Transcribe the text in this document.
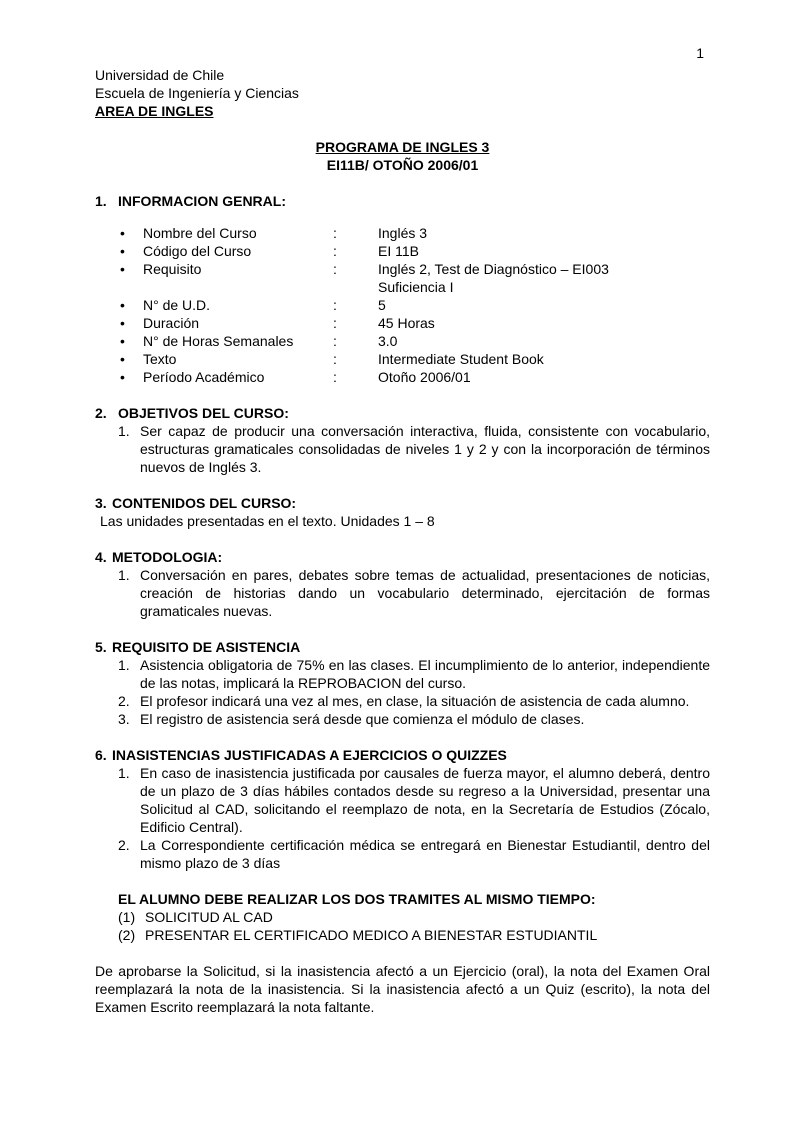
1
Universidad de Chile
Escuela de Ingeniería y Ciencias
AREA DE INGLES
PROGRAMA DE INGLES 3
EI11B/ OTOÑO 2006/01
1. INFORMACION GENRAL:
•
Nombre del Curso	:	Inglés 3
•
Código del Curso	:	EI 11B
•
Requisito	:	Inglés 2, Test de Diagnóstico – EI003
Suficiencia I
•
N° de U.D.	:	5
•
Duración	:	45 Horas
•
N° de Horas Semanales	:	3.0
•
Texto	:	Intermediate Student Book
•
Período Académico	:	Otoño 2006/01
2. OBJETIVOS DEL CURSO:
1. Ser capaz de producir una conversación interactiva, fluida, consistente con vocabulario, estructuras gramaticales consolidadas de niveles 1 y 2 y con la incorporación de términos nuevos de Inglés 3.
3. CONTENIDOS DEL CURSO:
Las unidades presentadas en el texto. Unidades 1 – 8
4. METODOLOGIA:
1. Conversación en pares, debates sobre temas de actualidad, presentaciones de noticias, creación de historias dando un vocabulario determinado, ejercitación de formas gramaticales nuevas.
5. REQUISITO DE ASISTENCIA
1. Asistencia obligatoria de 75% en las clases. El incumplimiento de lo anterior, independiente de las notas, implicará la REPROBACION del curso.
2. El profesor indicará una vez al mes, en clase, la situación de asistencia de cada alumno.
3. El registro de asistencia será desde que comienza el módulo de clases.
6. INASISTENCIAS JUSTIFICADAS A EJERCICIOS O QUIZZES
1. En caso de inasistencia justificada por causales de fuerza mayor, el alumno deberá, dentro de un plazo de 3 días hábiles contados desde su regreso a la Universidad, presentar una Solicitud al CAD, solicitando el reemplazo de nota, en la Secretaría de Estudios (Zócalo, Edificio Central).
2. La Correspondiente certificación médica se entregará en Bienestar Estudiantil, dentro del mismo plazo de 3 días
EL ALUMNO DEBE REALIZAR LOS DOS TRAMITES AL MISMO TIEMPO:
(1) SOLICITUD AL CAD
(2) PRESENTAR EL CERTIFICADO MEDICO A BIENESTAR ESTUDIANTIL
De aprobarse la Solicitud, si la inasistencia afectó a un Ejercicio (oral), la nota del Examen Oral reemplazará la nota de la inasistencia. Si la inasistencia afectó a un Quiz (escrito), la nota del Examen Escrito reemplazará la nota faltante.
